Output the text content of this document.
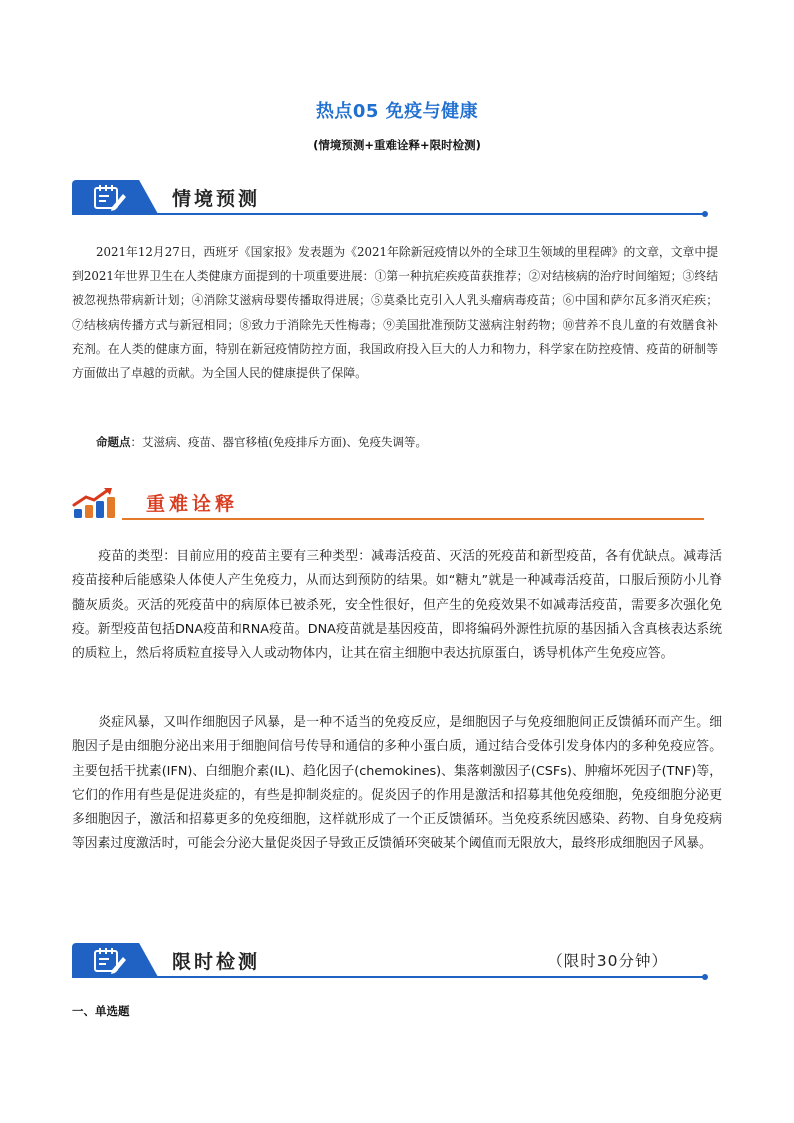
热点05 免疫与健康
(情境预测+重难诠释+限时检测)
情境预测
2021年12月27日，西班牙《国家报》发表题为《2021年除新冠疫情以外的全球卫生领域的里程碑》的文章，文章中提到2021年世界卫生在人类健康方面提到的十项重要进展：①第一种抗疟疾疫苗获推荐；②对结核病的治疗时间缩短；③终结被忽视热带病新计划；④消除艾滋病母婴传播取得进展；⑤莫桑比克引入人乳头瘤病毒疫苗；⑥中国和萨尔瓦多消灭疟疾；⑦结核病传播方式与新冠相同；⑧致力于消除先天性梅毒；⑨美国批准预防艾滋病注射药物；⑩营养不良儿童的有效膳食补充剂。在人类的健康方面，特别在新冠疫情防控方面，我国政府投入巨大的人力和物力，科学家在防控疫情、疫苗的研制等方面做出了卓越的贡献。为全国人民的健康提供了保障。
命题点：艾滋病、疫苗、器官移植(免疫排斥方面)、免疫失调等。
重难诠释
疫苗的类型：目前应用的疫苗主要有三种类型：减毒活疫苗、灭活的死疫苗和新型疫苗，各有优缺点。减毒活疫苗接种后能感染人体使人产生免疫力，从而达到预防的结果。如“糖丸”就是一种减毒活疫苗，口服后预防小儿脊髓灰质炎。灭活的死疫苗中的病原体已被杀死，安全性很好，但产生的免疫效果不如减毒活疫苗，需要多次强化免疫。新型疫苗包括DNA疫苗和RNA疫苗。DNA疫苗就是基因疫苗，即将编码外源性抗原的基因插入含真核表达系统的质粒上，然后将质粒直接导入人或动物体内，让其在宿主细胞中表达抗原蛋白，诱导机体产生免疫应答。
炎症风暴，又叫作细胞因子风暴，是一种不适当的免疫反应，是细胞因子与免疫细胞间正反馈循环而产生。细胞因子是由细胞分泌出来用于细胞间信号传导和通信的多种小蛋白质，通过结合受体引发身体内的多种免疫应答。主要包括干扰素(IFN)、白细胞介素(IL)、趋化因子(chemokines)、集落刺激因子(CSFs)、肿瘤坏死因子(TNF)等，它们的作用有些是促进炎症的，有些是抑制炎症的。促炎因子的作用是激活和招募其他免疫细胞，免疫细胞分泌更多细胞因子，激活和招募更多的免疫细胞，这样就形成了一个正反馈循环。当免疫系统因感染、药物、自身免疫病等因素过度激活时，可能会分泌大量促炎因子导致正反馈循环突破某个阈值而无限放大，最终形成细胞因子风暴。
限时检测	（限时30分钟）
一、单选题
